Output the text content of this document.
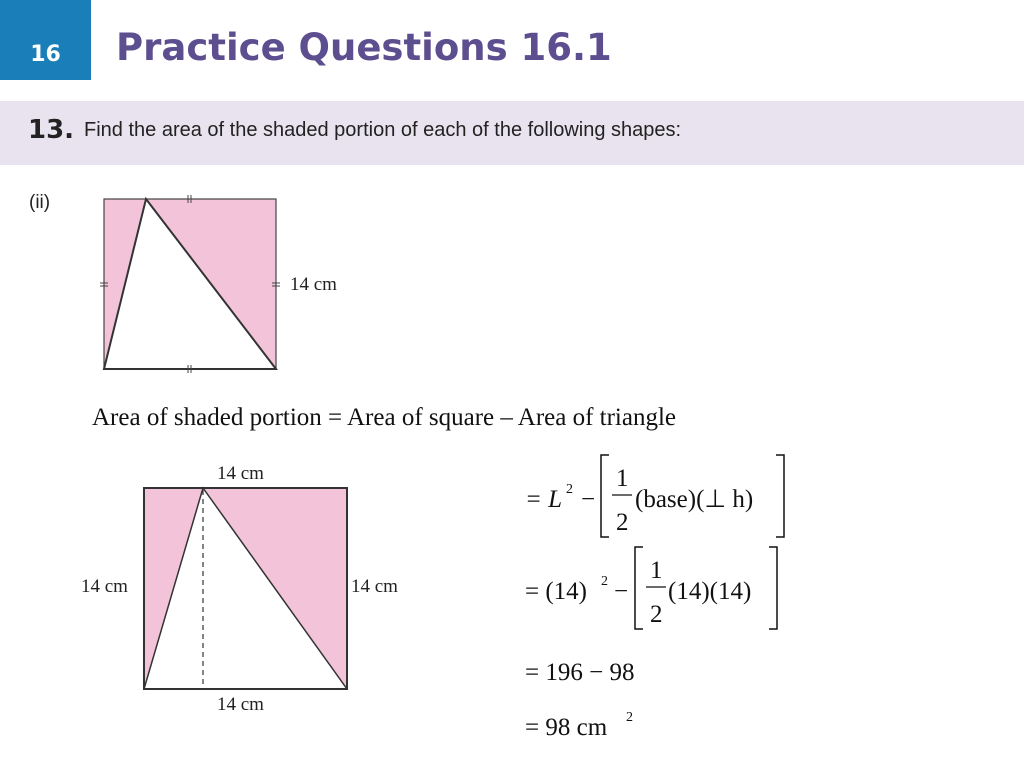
16	Practice Questions 16.1
13. Find the area of the shaded portion of each of the following shapes:
(ii)
14 cm
Area of shaded portion = Area of square – Area of triangle
14 cm
14 cm	14 cm
14 cm
= L 2 −
1
2
(base)(⊥ h)
= (14) 2 −
1
2
(14)(14)
= 196 − 98
= 98 cm 2
